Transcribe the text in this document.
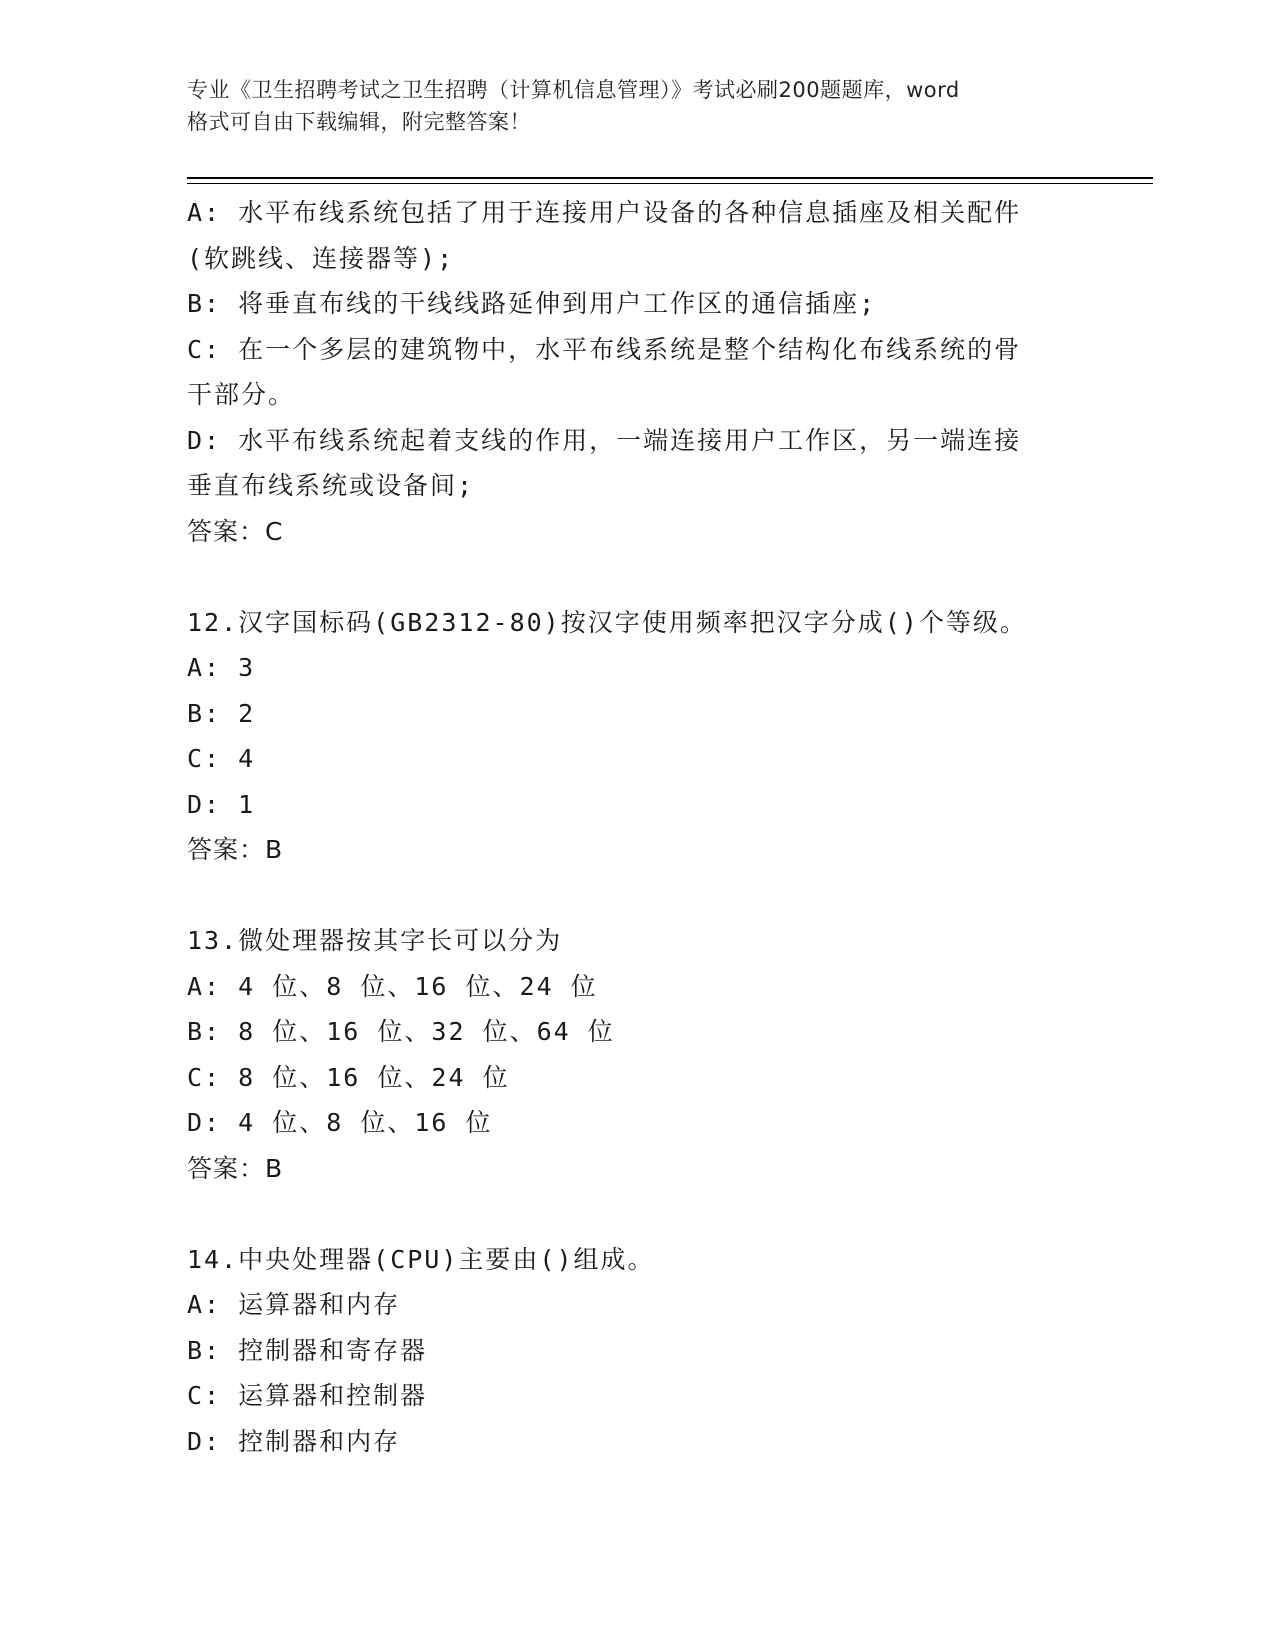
专业《卫生招聘考试之卫生招聘（计算机信息管理）》考试必刷200题题库，word
格式可自由下载编辑，附完整答案！
A: 水平布线系统包括了用于连接用户设备的各种信息插座及相关配件
(软跳线、连接器等);
B: 将垂直布线的干线线路延伸到用户工作区的通信插座;
C: 在一个多层的建筑物中，水平布线系统是整个结构化布线系统的骨
干部分。
D: 水平布线系统起着支线的作用，一端连接用户工作区，另一端连接
垂直布线系统或设备间;
答案：C
12.汉字国标码(GB2312-80)按汉字使用频率把汉字分成()个等级。
A: 3
B: 2
C: 4
D: 1
答案：B
13.微处理器按其字长可以分为
A: 4 位、8 位、16 位、24 位
B: 8 位、16 位、32 位、64 位
C: 8 位、16 位、24 位
D: 4 位、8 位、16 位
答案：B
14.中央处理器(CPU)主要由()组成。
A: 运算器和内存
B: 控制器和寄存器
C: 运算器和控制器
D: 控制器和内存
